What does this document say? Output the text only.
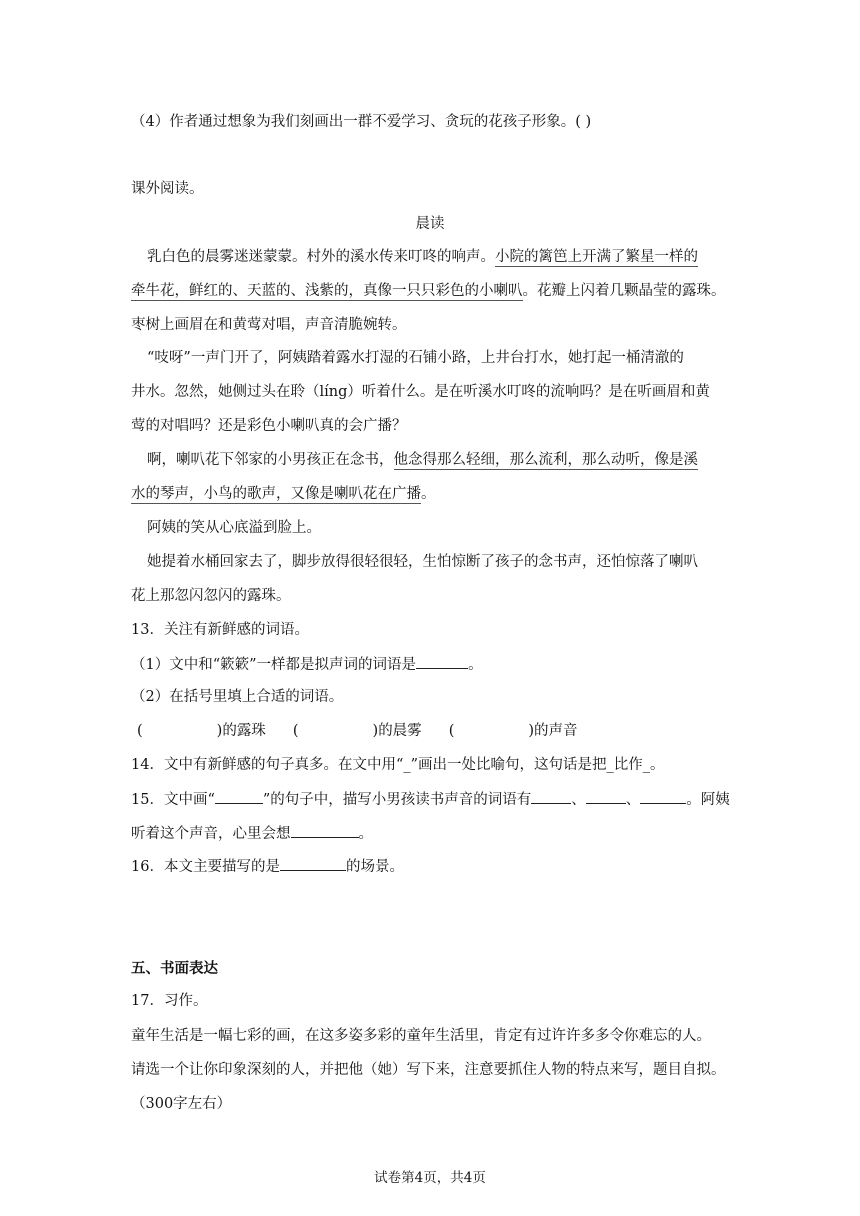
（4）作者通过想象为我们刻画出一群不爱学习、贪玩的花孩子形象。( )
课外阅读。
晨读
乳白色的晨雾迷迷蒙蒙。村外的溪水传来叮咚的响声。小院的篱笆上开满了繁星一样的
牵牛花，鲜红的、天蓝的、浅紫的，真像一只只彩色的小喇叭。花瓣上闪着几颗晶莹的露珠。
枣树上画眉在和黄莺对唱，声音清脆婉转。
“吱呀”一声门开了，阿姨踏着露水打湿的石铺小路，上井台打水，她打起一桶清澈的
井水。忽然，她侧过头在聆（líng）听着什么。是在听溪水叮咚的流响吗？是在听画眉和黄
莺的对唱吗？还是彩色小喇叭真的会广播？
啊，喇叭花下邻家的小男孩正在念书，他念得那么轻细，那么流利，那么动听，像是溪
水的琴声，小鸟的歌声，又像是喇叭花在广播。
阿姨的笑从心底溢到脸上。
她提着水桶回家去了，脚步放得很轻很轻，生怕惊断了孩子的念书声，还怕惊落了喇叭
花上那忽闪忽闪的露珠。
13．关注有新鲜感的词语。
（1）文中和“簌簌”一样都是拟声词的词语是	。
（2）在括号里填上合适的词语。
(	)的露珠 (	)的晨雾 (	)的声音
14．文中有新鲜感的句子真多。在文中用“_”画出一处比喻句，这句话是把_比作_。
15．文中画“	”的句子中，描写小男孩读书声音的词语有	、	、	。阿姨
听着这个声音，心里会想	。
16．本文主要描写的是	的场景。
五、书面表达
17．习作。
童年生活是一幅七彩的画，在这多姿多彩的童年生活里，肯定有过许许多多令你难忘的人。
请选一个让你印象深刻的人，并把他（她）写下来，注意要抓住人物的特点来写，题目自拟。
（300字左右）
试卷第4页，共4页
